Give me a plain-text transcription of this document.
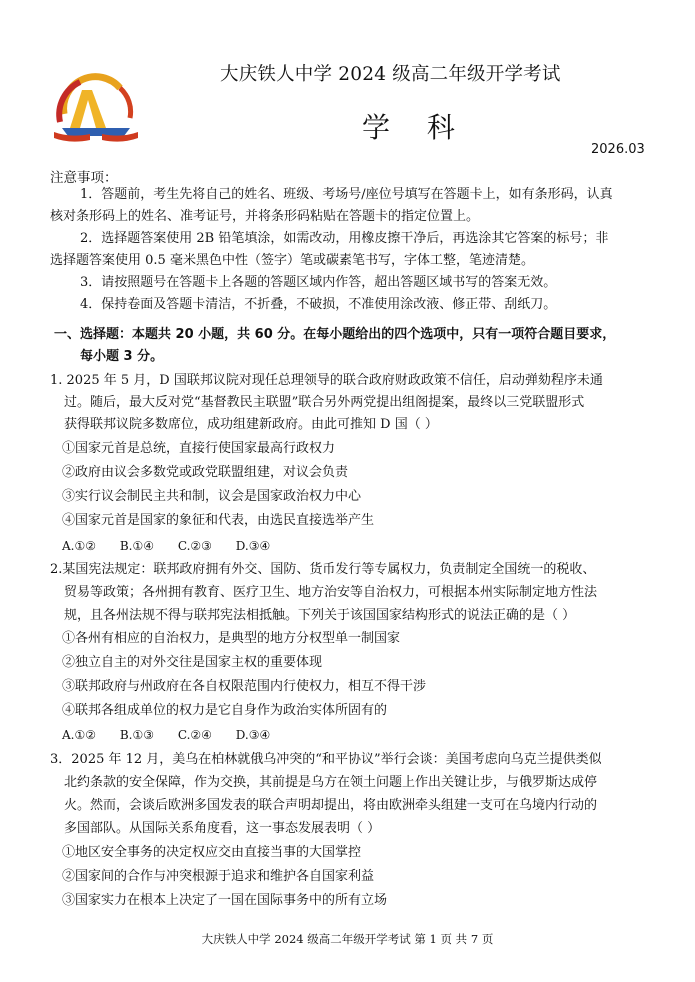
大庆铁人中学 2024 级高二年级开学考试
学 科
2026.03
注意事项：
1．答题前，考生先将自己的姓名、班级、考场号/座位号填写在答题卡上，如有条形码，认真
核对条形码上的姓名、准考证号，并将条形码粘贴在答题卡的指定位置上。
2．选择题答案使用 2B 铅笔填涂，如需改动，用橡皮擦干净后，再选涂其它答案的标号；非
选择题答案使用 0.5 毫米黑色中性（签字）笔或碳素笔书写，字体工整，笔迹清楚。
3．请按照题号在答题卡上各题的答题区域内作答，超出答题区域书写的答案无效。
4．保持卷面及答题卡清洁，不折叠，不破损，不准使用涂改液、修正带、刮纸刀。
一、选择题：本题共 20 小题，共 60 分。在每小题给出的四个选项中，只有一项符合题目要求，
每小题 3 分。
1. 2025 年 5 月，D 国联邦议院对现任总理领导的联合政府财政政策不信任，启动弹劾程序未通
过。随后，最大反对党“基督教民主联盟”联合另外两党提出组阁提案，最终以三党联盟形式
获得联邦议院多数席位，成功组建新政府。由此可推知 D 国（ ）
①国家元首是总统，直接行使国家最高行政权力
②政府由议会多数党或政党联盟组建，对议会负责
③实行议会制民主共和制，议会是国家政治权力中心
④国家元首是国家的象征和代表，由选民直接选举产生
A.①② B.①④ C.②③ D.③④
2.某国宪法规定：联邦政府拥有外交、国防、货币发行等专属权力，负责制定全国统一的税收、
贸易等政策；各州拥有教育、医疗卫生、地方治安等自治权力，可根据本州实际制定地方性法
规，且各州法规不得与联邦宪法相抵触。下列关于该国国家结构形式的说法正确的是（ ）
①各州有相应的自治权力，是典型的地方分权型单一制国家
②独立自主的对外交往是国家主权的重要体现
③联邦政府与州政府在各自权限范围内行使权力，相互不得干涉
④联邦各组成单位的权力是它自身作为政治实体所固有的
A.①② B.①③ C.②④ D.③④
3．2025 年 12 月，美乌在柏林就俄乌冲突的“和平协议”举行会谈：美国考虑向乌克兰提供类似
北约条款的安全保障，作为交换，其前提是乌方在领土问题上作出关键让步，与俄罗斯达成停
火。然而，会谈后欧洲多国发表的联合声明却提出，将由欧洲牵头组建一支可在乌境内行动的
多国部队。从国际关系角度看，这一事态发展表明（ ）
①地区安全事务的决定权应交由直接当事的大国掌控
②国家间的合作与冲突根源于追求和维护各自国家利益
③国家实力在根本上决定了一国在国际事务中的所有立场
大庆铁人中学 2024 级高二年级开学考试 第 1 页 共 7 页
